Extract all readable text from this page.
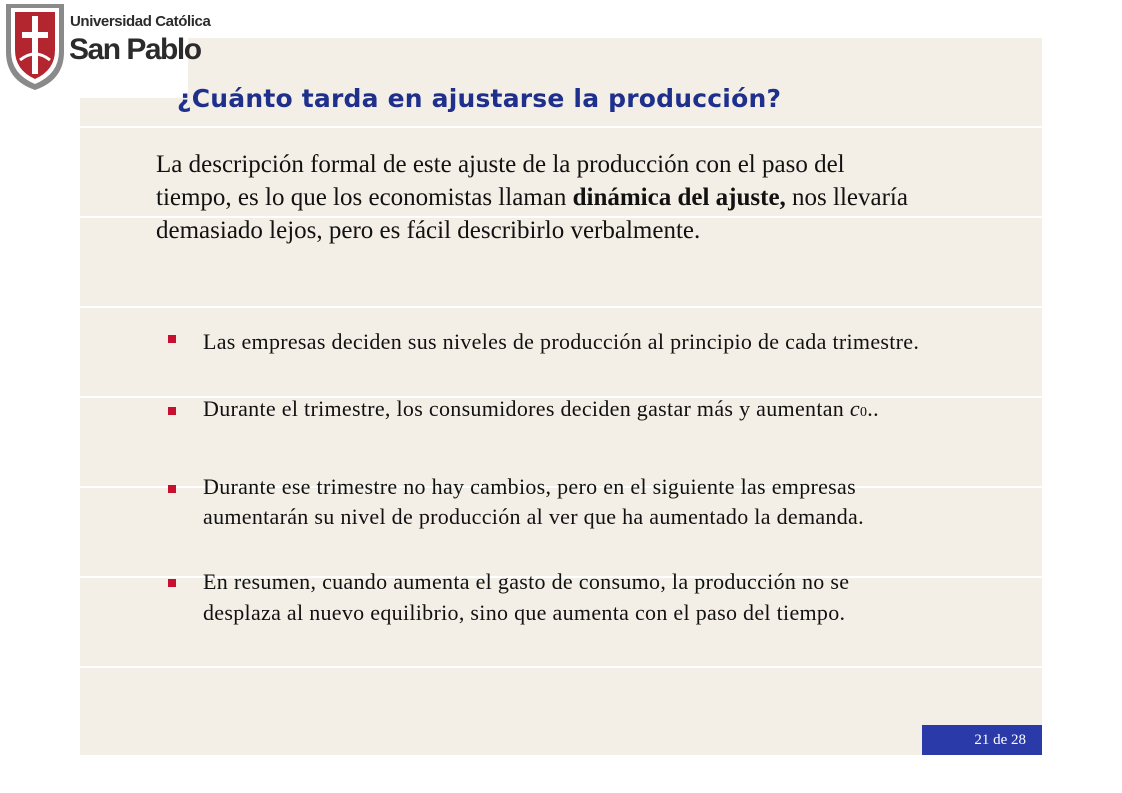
Universidad Católica
San Pablo
¿Cuánto tarda en ajustarse la producción?
La descripción formal de este ajuste de la producción con el paso del tiempo, es lo que los economistas llaman dinámica del ajuste, nos llevaría demasiado lejos, pero es fácil describirlo verbalmente.
Las empresas deciden sus niveles de producción al principio de cada trimestre.
Durante el trimestre, los consumidores deciden gastar más y aumentan c0..
Durante ese trimestre no hay cambios, pero en el siguiente las empresas aumentarán su nivel de producción al ver que ha aumentado la demanda.
En resumen, cuando aumenta el gasto de consumo, la producción no se desplaza al nuevo equilibrio, sino que aumenta con el paso del tiempo.
21 de 28
